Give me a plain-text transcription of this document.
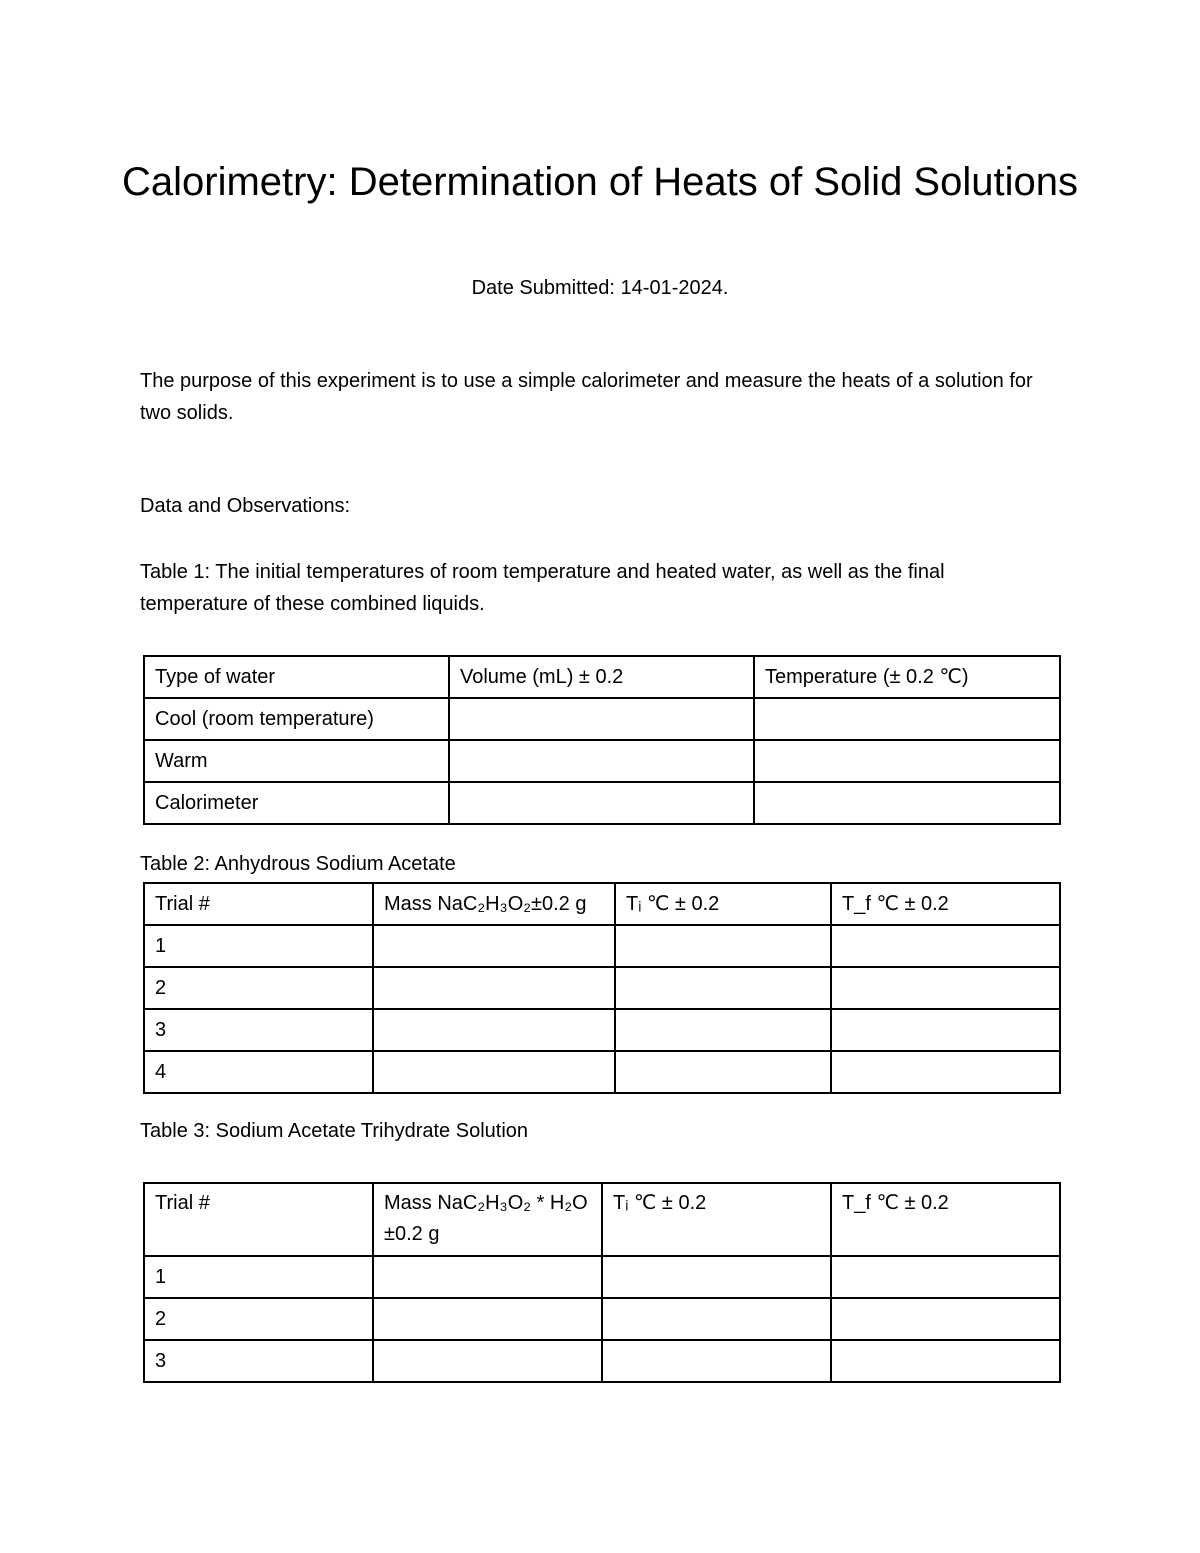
Calorimetry: Determination of Heats of Solid Solutions
Date Submitted: 14-01-2024.
The purpose of this experiment is to use a simple calorimeter and measure the heats of a solution for two solids.
Data and Observations:
Table 1: The initial temperatures of room temperature and heated water, as well as the final temperature of these combined liquids.
Type of water	Volume (mL) ± 0.2	Temperature (± 0.2 ℃)
Cool (room temperature)		
Warm		
Calorimeter		
Table 2: Anhydrous Sodium Acetate
Trial #	Mass NaC₂H₃O₂±0.2 g	Tᵢ ℃ ± 0.2	T_f ℃ ± 0.2
1			
2			
3			
4			
Table 3: Sodium Acetate Trihydrate Solution
Trial #	Mass NaC₂H₃O₂ * H₂O ±0.2 g	Tᵢ ℃ ± 0.2	T_f ℃ ± 0.2
1			
2			
3			
